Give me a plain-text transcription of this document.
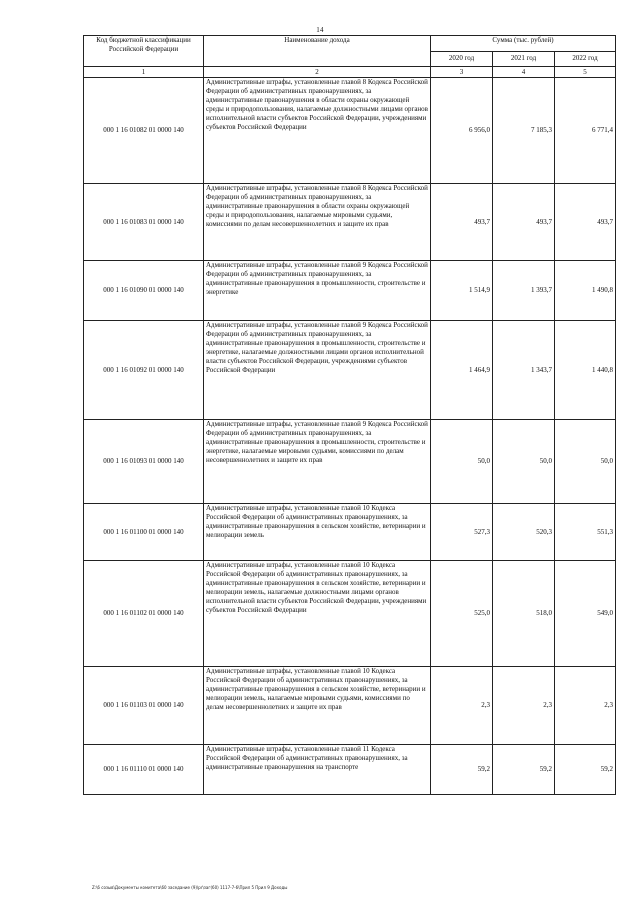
14
Код бюджетной классификации Российской Федерации	Наименование дохода	Сумма (тыс. рублей)		
		2020 год	2021 год	2022 год
1	2	3	4	5
000 1 16 01082 01 0000 140	Административные штрафы, установленные главой 8 Кодекса Российской Федерации об административных правонарушениях, за административные правонарушения в области охраны окружающей среды и природопользования, налагаемые должностными лицами органов исполнительной власти субъектов Российской Федерации, учреждениями субъектов Российской Федерации	6 956,0	7 185,3	6 771,4
000 1 16 01083 01 0000 140	Административные штрафы, установленные главой 8 Кодекса Российской Федерации об административных правонарушениях, за административные правонарушения в области охраны окружающей среды и природопользования, налагаемые мировыми судьями, комиссиями по делам несовершеннолетних и защите их прав	493,7	493,7	493,7
000 1 16 01090 01 0000 140	Административные штрафы, установленные главой 9 Кодекса Российской Федерации об административных правонарушениях, за административные правонарушения в промышленности, строительстве и энергетике	1 514,9	1 393,7	1 490,8
000 1 16 01092 01 0000 140	Административные штрафы, установленные главой 9 Кодекса Российской Федерации об административных правонарушениях, за административные правонарушения в промышленности, строительстве и энергетике, налагаемые должностными лицами органов исполнительной власти субъектов Российской Федерации, учреждениями субъектов Российской Федерации	1 464,9	1 343,7	1 440,8
000 1 16 01093 01 0000 140	Административные штрафы, установленные главой 9 Кодекса Российской Федерации об административных правонарушениях, за административные правонарушения в промышленности, строительстве и энергетике, налагаемые мировыми судьями, комиссиями по делам несовершеннолетних и защите их прав	50,0	50,0	50,0
000 1 16 01100 01 0000 140	Административные штрафы, установленные главой 10 Кодекса Российской Федерации об административных правонарушениях, за административные правонарушения в сельском хозяйстве, ветеринарии и мелиорации земель	527,3	520,3	551,3
000 1 16 01102 01 0000 140	Административные штрафы, установленные главой 10 Кодекса Российской Федерации об административных правонарушениях, за административные правонарушения в сельском хозяйстве, ветеринарии и мелиорации земель, налагаемые должностными лицами органов исполнительной власти субъектов Российской Федерации, учреждениями субъектов Российской Федерации	525,0	518,0	549,0
000 1 16 01103 01 0000 140	Административные штрафы, установленные главой 10 Кодекса Российской Федерации об административных правонарушениях, за административные правонарушения в сельском хозяйстве, ветеринарии и мелиорации земель, налагаемые мировыми судьями, комиссиями по делам несовершеннолетних и защите их прав	2,3	2,3	2,3
000 1 16 01110 01 0000 140	Административные штрафы, установленные главой 11 Кодекса Российской Федерации об административных правонарушениях, за административные правонарушения на транспорте	59,2	59,2	59,2
Z:\6 созыв\Документы комитета\60 заседание (9)\pr\заг(60) 1117-7-6\Прил 5 Прил 9 Доходы
